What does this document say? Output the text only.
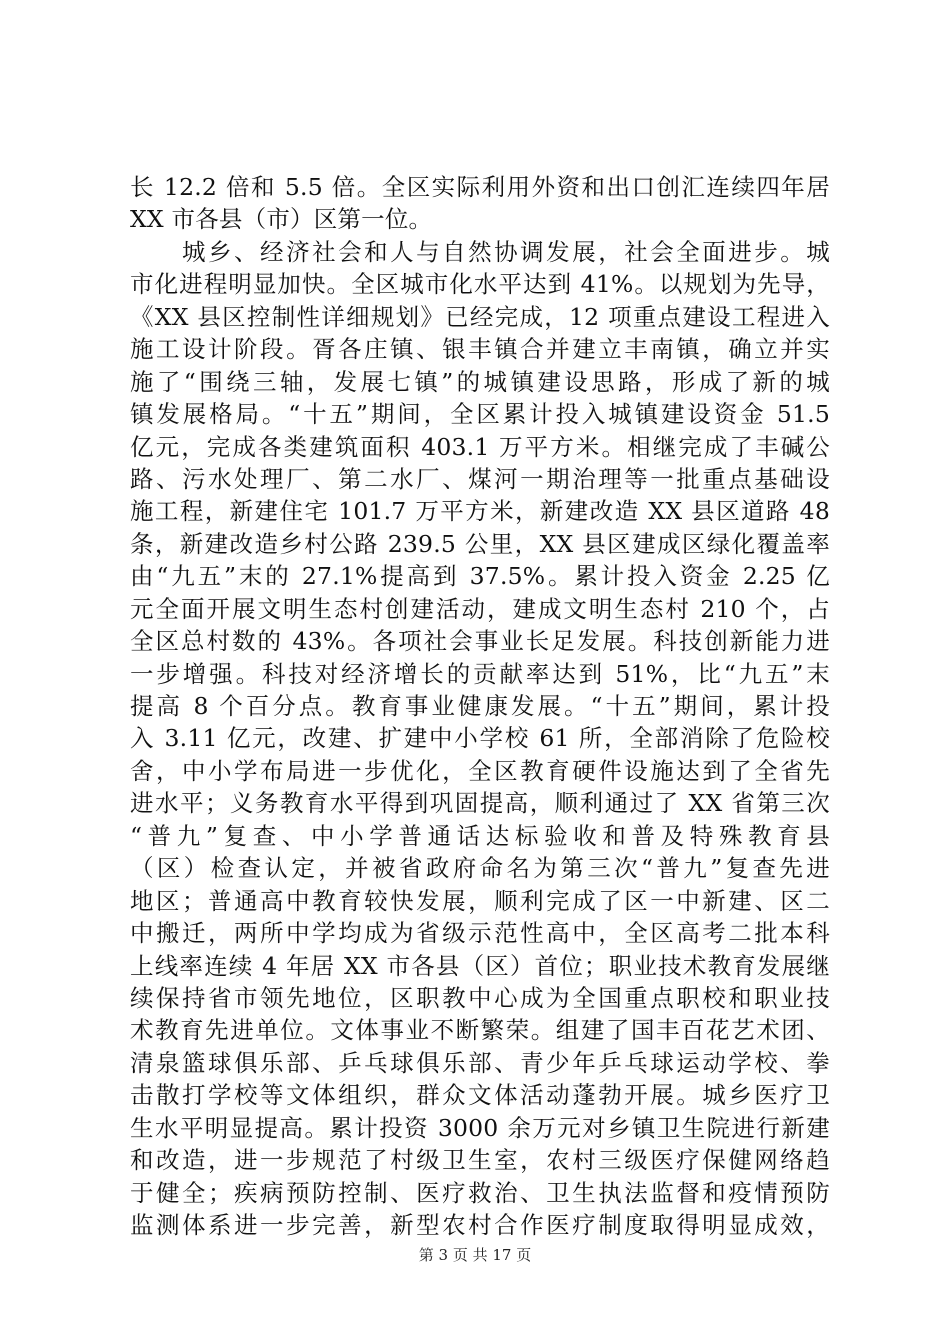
长 12.2 倍和 5.5 倍。全区实际利用外资和出口创汇连续四年居
XX 市各县（市）区第一位。
　　城乡、经济社会和人与自然协调发展，社会全面进步。城
市化进程明显加快。全区城市化水平达到 41%。以规划为先导，
《XX 县区控制性详细规划》已经完成，12 项重点建设工程进入
施工设计阶段。胥各庄镇、银丰镇合并建立丰南镇，确立并实
施了“围绕三轴，发展七镇”的城镇建设思路，形成了新的城
镇发展格局。“十五”期间，全区累计投入城镇建设资金 51.5
亿元，完成各类建筑面积 403.1 万平方米。相继完成了丰碱公
路、污水处理厂、第二水厂、煤河一期治理等一批重点基础设
施工程，新建住宅 101.7 万平方米，新建改造 XX 县区道路 48
条，新建改造乡村公路 239.5 公里，XX 县区建成区绿化覆盖率
由“九五”末的 27.1%提高到 37.5%。累计投入资金 2.25 亿
元全面开展文明生态村创建活动，建成文明生态村 210 个，占
全区总村数的 43%。各项社会事业长足发展。科技创新能力进
一步增强。科技对经济增长的贡献率达到 51%，比“九五”末
提高 8 个百分点。教育事业健康发展。“十五”期间，累计投
入 3.11 亿元，改建、扩建中小学校 61 所，全部消除了危险校
舍，中小学布局进一步优化，全区教育硬件设施达到了全省先
进水平；义务教育水平得到巩固提高，顺利通过了 XX 省第三次
“普九”复查、中小学普通话达标验收和普及特殊教育县
（区）检查认定，并被省政府命名为第三次“普九”复查先进
地区；普通高中教育较快发展，顺利完成了区一中新建、区二
中搬迁，两所中学均成为省级示范性高中，全区高考二批本科
上线率连续 4 年居 XX 市各县（区）首位；职业技术教育发展继
续保持省市领先地位，区职教中心成为全国重点职校和职业技
术教育先进单位。文体事业不断繁荣。组建了国丰百花艺术团、
清泉篮球俱乐部、乒乓球俱乐部、青少年乒乓球运动学校、拳
击散打学校等文体组织，群众文体活动蓬勃开展。城乡医疗卫
生水平明显提高。累计投资 3000 余万元对乡镇卫生院进行新建
和改造，进一步规范了村级卫生室，农村三级医疗保健网络趋
于健全；疾病预防控制、医疗救治、卫生执法监督和疫情预防
监测体系进一步完善，新型农村合作医疗制度取得明显成效，
第 3 页 共 17 页
